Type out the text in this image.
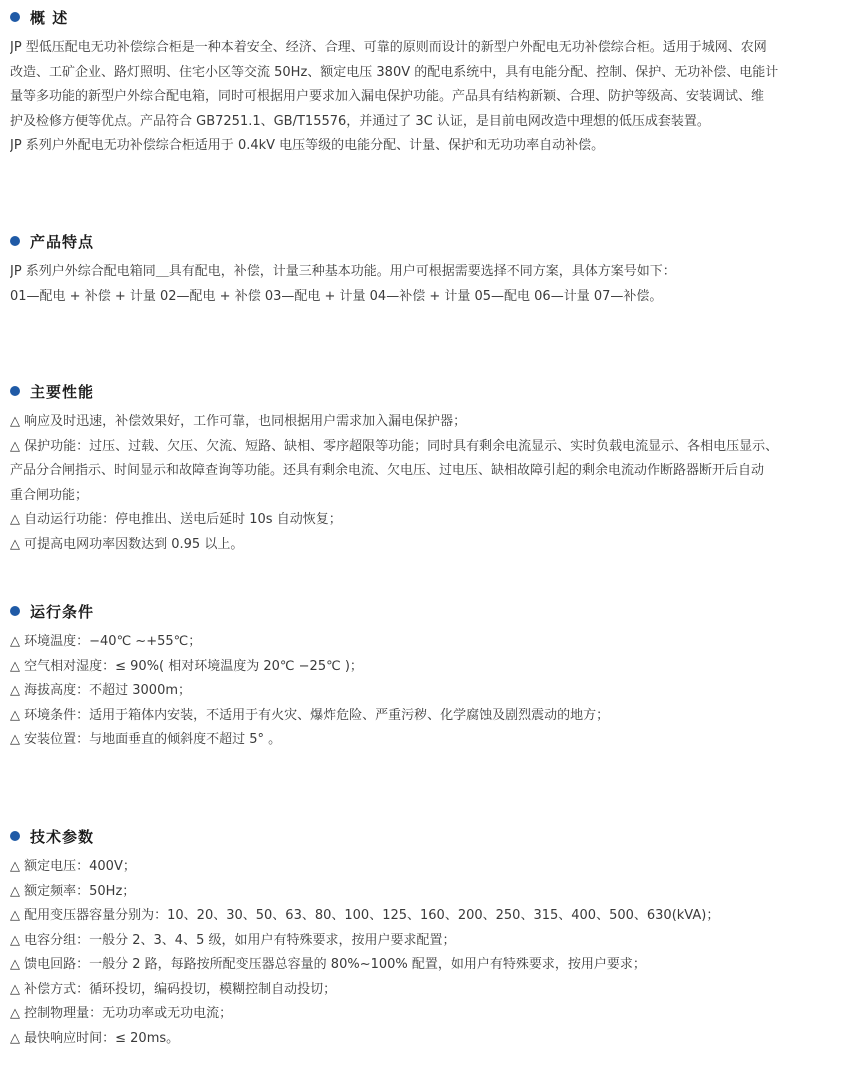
概 述
JP 型低压配电无功补偿综合柜是一种本着安全、经济、合理、可靠的原则而设计的新型户外配电无功补偿综合柜。适用于城网、农网
改造、工矿企业、路灯照明、住宅小区等交流 50Hz、额定电压 380V 的配电系统中，具有电能分配、控制、保护、无功补偿、电能计
量等多功能的新型户外综合配电箱，同时可根据用户要求加入漏电保护功能。产品具有结构新颖、合理、防护等级高、安装调试、维
护及检修方便等优点。产品符合 GB7251.1、GB/T15576，并通过了 3C 认证，是目前电网改造中理想的低压成套装置。
JP 系列户外配电无功补偿综合柜适用于 0.4kV 电压等级的电能分配、计量、保护和无功功率自动补偿。
产品特点
JP 系列户外综合配电箱同＿具有配电，补偿，计量三种基本功能。用户可根据需要选择不同方案，具体方案号如下：
01—配电 + 补偿 + 计量 02—配电 + 补偿 03—配电 + 计量 04—补偿 + 计量 05—配电 06—计量 07—补偿。
主要性能
△ 响应及时迅速，补偿效果好，工作可靠，也同根据用户需求加入漏电保护器；
△ 保护功能：过压、过载、欠压、欠流、短路、缺相、零序超限等功能；同时具有剩余电流显示、实时负载电流显示、各相电压显示、
产品分合闸指示、时间显示和故障查询等功能。还具有剩余电流、欠电压、过电压、缺相故障引起的剩余电流动作断路器断开后自动
重合闸功能；
△ 自动运行功能：停电推出、送电后延时 10s 自动恢复；
△ 可提高电网功率因数达到 0.95 以上。
运行条件
△ 环境温度：−40℃ ~+55℃；
△ 空气相对湿度：≤ 90%( 相对环境温度为 20℃ −25℃ )；
△ 海拔高度：不超过 3000m；
△ 环境条件：适用于箱体内安装，不适用于有火灾、爆炸危险、严重污秽、化学腐蚀及剧烈震动的地方；
△ 安装位置：与地面垂直的倾斜度不超过 5° 。
技术参数
△ 额定电压：400V；
△ 额定频率：50Hz；
△ 配用变压器容量分别为：10、20、30、50、63、80、100、125、160、200、250、315、400、500、630(kVA)；
△ 电容分组：一般分 2、3、4、5 级，如用户有特殊要求，按用户要求配置；
△ 馈电回路：一般分 2 路，每路按所配变压器总容量的 80%~100% 配置，如用户有特殊要求，按用户要求；
△ 补偿方式：循环投切，编码投切，模糊控制自动投切；
△ 控制物理量：无功功率或无功电流；
△ 最快响应时间：≤ 20ms。
